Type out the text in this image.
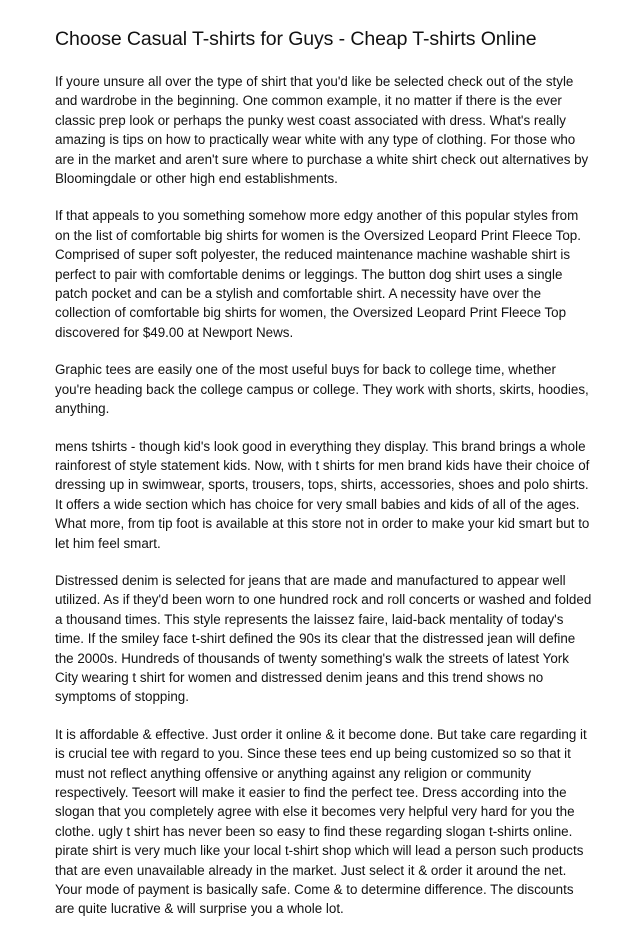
Choose Casual T-shirts for Guys - Cheap T-shirts Online

If youre unsure all over the type of shirt that you'd like be selected check out of the style and wardrobe in the beginning. One common example, it no matter if there is the ever classic prep look or perhaps the punky west coast associated with dress. What's really amazing is tips on how to practically wear white with any type of clothing. For those who are in the market and aren't sure where to purchase a white shirt check out alternatives by Bloomingdale or other high end establishments.

If that appeals to you something somehow more edgy another of this popular styles from on the list of comfortable big shirts for women is the Oversized Leopard Print Fleece Top. Comprised of super soft polyester, the reduced maintenance machine washable shirt is perfect to pair with comfortable denims or leggings. The button dog shirt uses a single patch pocket and can be a stylish and comfortable shirt. A necessity have over the collection of comfortable big shirts for women, the Oversized Leopard Print Fleece Top discovered for $49.00 at Newport News.

Graphic tees are easily one of the most useful buys for back to college time, whether you're heading back the college campus or college. They work with shorts, skirts, hoodies, anything.

mens tshirts - though kid's look good in everything they display. This brand brings a whole rainforest of style statement kids. Now, with t shirts for men brand kids have their choice of dressing up in swimwear, sports, trousers, tops, shirts, accessories, shoes and polo shirts. It offers a wide section which has choice for very small babies and kids of all of the ages. What more, from tip foot is available at this store not in order to make your kid smart but to let him feel smart.

Distressed denim is selected for jeans that are made and manufactured to appear well utilized. As if they'd been worn to one hundred rock and roll concerts or washed and folded a thousand times. This style represents the laissez faire, laid-back mentality of today's time. If the smiley face t-shirt defined the 90s its clear that the distressed jean will define the 2000s. Hundreds of thousands of twenty something's walk the streets of latest York City wearing t shirt for women and distressed denim jeans and this trend shows no symptoms of stopping.

It is affordable & effective. Just order it online & it become done. But take care regarding it is crucial tee with regard to you. Since these tees end up being customized so so that it must not reflect anything offensive or anything against any religion or community respectively. Teesort will make it easier to find the perfect tee. Dress according into the slogan that you completely agree with else it becomes very helpful very hard for you the clothe. ugly t shirt has never been so easy to find these regarding slogan t-shirts online. pirate shirt is very much like your local t-shirt shop which will lead a person such products that are even unavailable already in the market. Just select it & order it around the net. Your mode of payment is basically safe. Come & to determine difference. The discounts are quite lucrative & will surprise you a whole lot.
